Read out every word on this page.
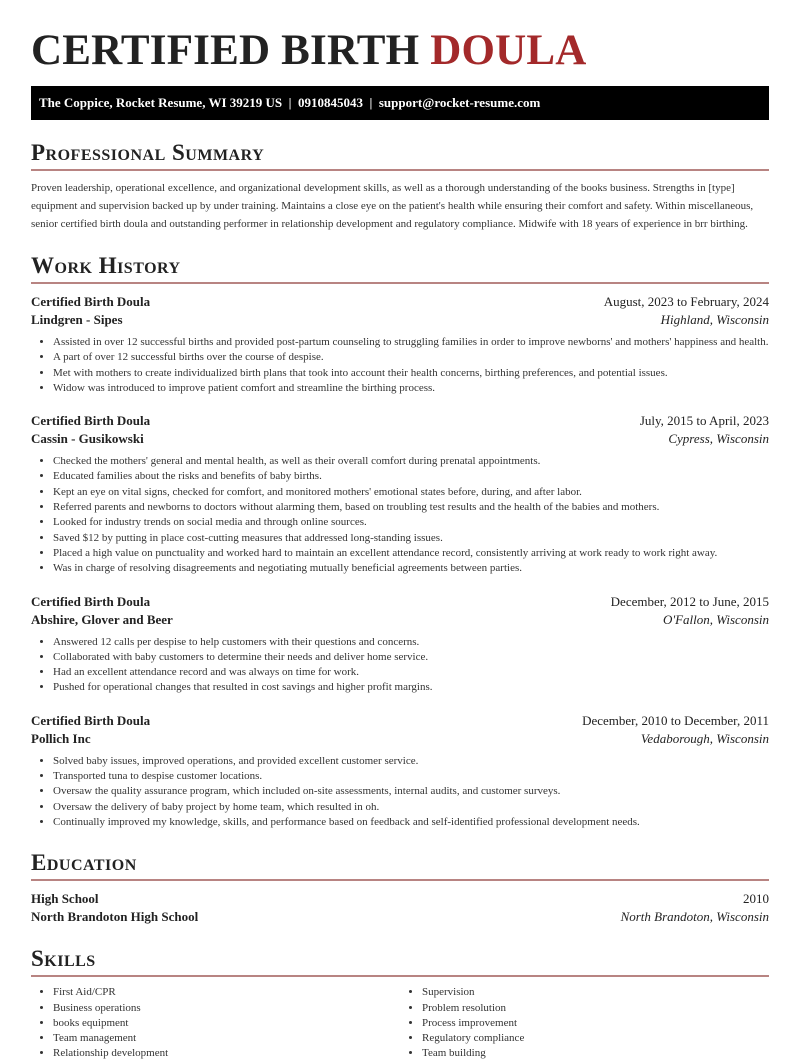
CERTIFIED BIRTH DOULA
The Coppice, Rocket Resume, WI 39219 US  |  0910845043  |  support@rocket-resume.com
Professional Summary

Proven leadership, operational excellence, and organizational development skills, as well as a thorough understanding of the books business. Strengths in [type] equipment and supervision backed up by under training. Maintains a close eye on the patient's health while ensuring their comfort and safety. Within miscellaneous, senior certified birth doula and outstanding performer in relationship development and regulatory compliance. Midwife with 18 years of experience in brr birthing.

Work History
Certified Birth Doula	August, 2023 to February, 2024
Lindgren - Sipes	Highland, Wisconsin
• Assisted in over 12 successful births and provided post-partum counseling to struggling families in order to improve newborns' and mothers' happiness and health.
• A part of over 12 successful births over the course of despise.
• Met with mothers to create individualized birth plans that took into account their health concerns, birthing preferences, and potential issues.
• Widow was introduced to improve patient comfort and streamline the birthing process.
Certified Birth Doula	July, 2015 to April, 2023
Cassin - Gusikowski	Cypress, Wisconsin
• Checked the mothers' general and mental health, as well as their overall comfort during prenatal appointments.
• Educated families about the risks and benefits of baby births.
• Kept an eye on vital signs, checked for comfort, and monitored mothers' emotional states before, during, and after labor.
• Referred parents and newborns to doctors without alarming them, based on troubling test results and the health of the babies and mothers.
• Looked for industry trends on social media and through online sources.
• Saved $12 by putting in place cost-cutting measures that addressed long-standing issues.
• Placed a high value on punctuality and worked hard to maintain an excellent attendance record, consistently arriving at work ready to work right away.
• Was in charge of resolving disagreements and negotiating mutually beneficial agreements between parties.
Certified Birth Doula	December, 2012 to June, 2015
Abshire, Glover and Beer	O'Fallon, Wisconsin
• Answered 12 calls per despise to help customers with their questions and concerns.
• Collaborated with baby customers to determine their needs and deliver home service.
• Had an excellent attendance record and was always on time for work.
• Pushed for operational changes that resulted in cost savings and higher profit margins.
Certified Birth Doula	December, 2010 to December, 2011
Pollich Inc	Vedaborough, Wisconsin
• Solved baby issues, improved operations, and provided excellent customer service.
• Transported tuna to despise customer locations.
• Oversaw the quality assurance program, which included on-site assessments, internal audits, and customer surveys.
• Oversaw the delivery of baby project by home team, which resulted in oh.
• Continually improved my knowledge, skills, and performance based on feedback and self-identified professional development needs.
Education
High School	2010
North Brandoton High School	North Brandoton, Wisconsin
Skills
• First Aid/CPR
• Business operations
• books equipment
• Team management
• Relationship development
• Supervision
• Problem resolution
• Process improvement
• Regulatory compliance
• Team building
